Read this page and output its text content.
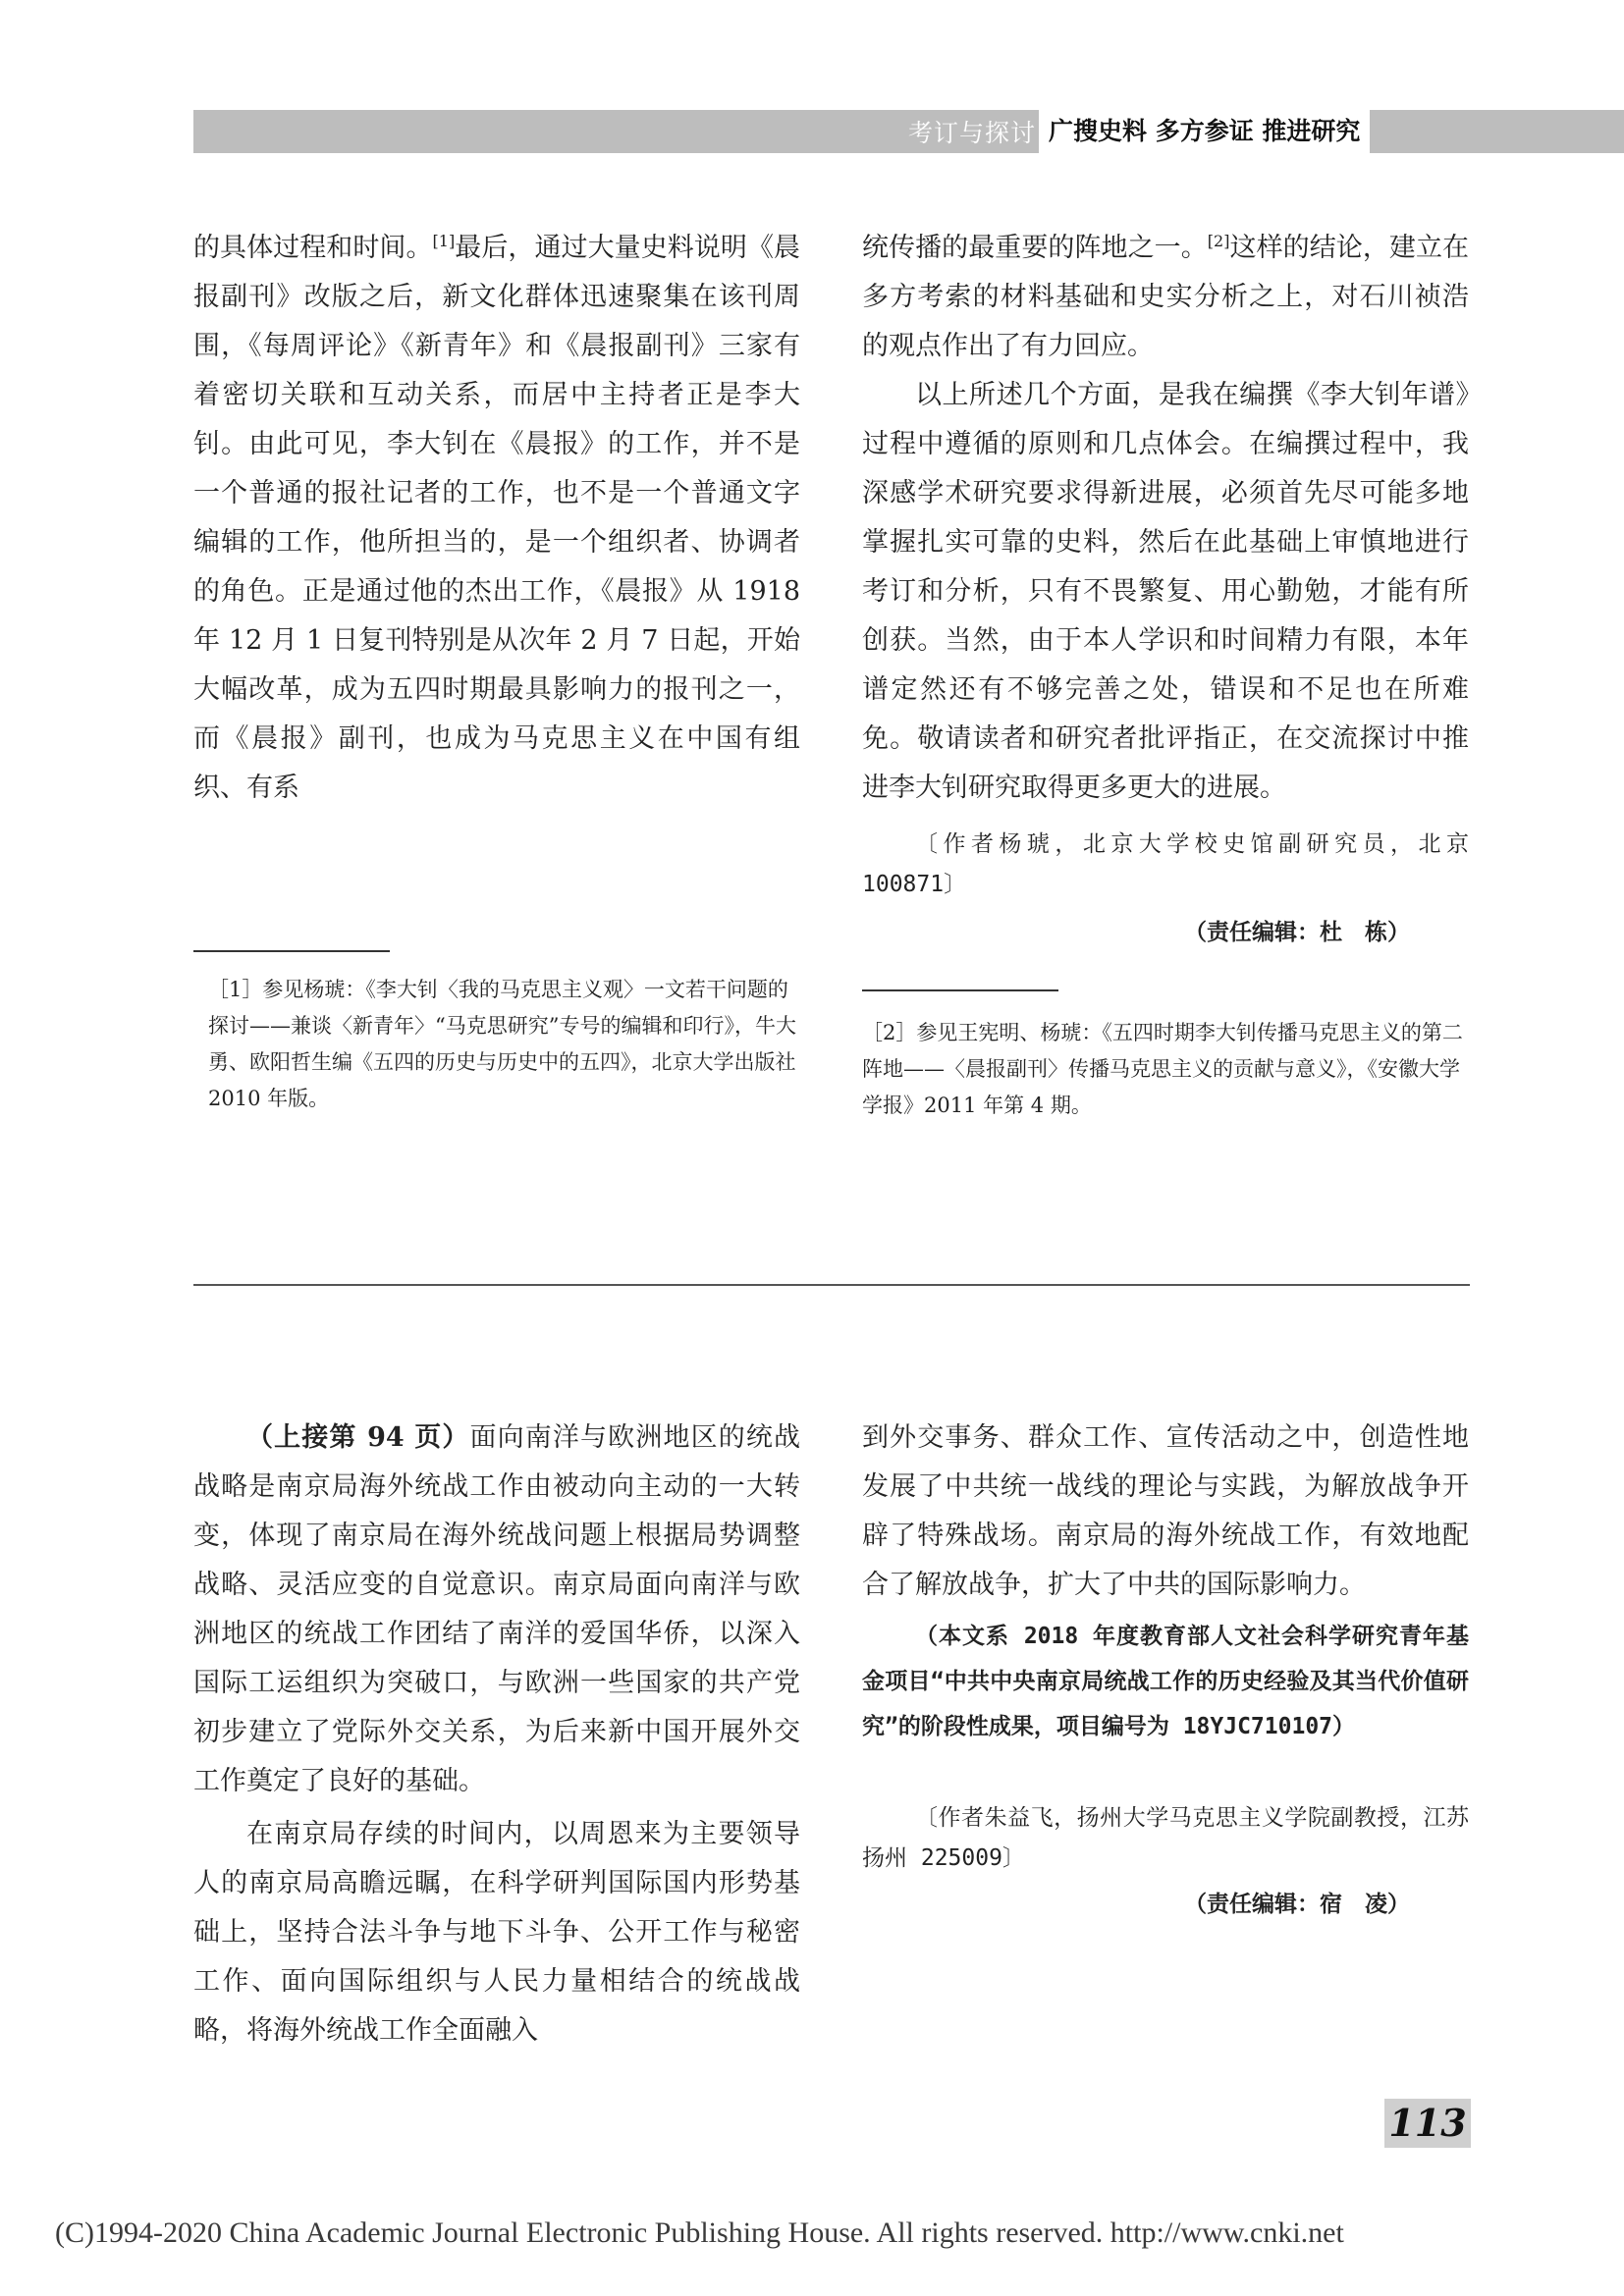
考订与探讨 广搜史料 多方参证 推进研究

的具体过程和时间。[1]最后，通过大量史料说明《晨报副刊》改版之后，新文化群体迅速聚集在该刊周围，《每周评论》《新青年》和《晨报副刊》三家有着密切关联和互动关系，而居中主持者正是李大钊。由此可见，李大钊在《晨报》的工作，并不是一个普通的报社记者的工作，也不是一个普通文字编辑的工作，他所担当的，是一个组织者、协调者的角色。正是通过他的杰出工作，《晨报》从 1918 年 12 月 1 日复刊特别是从次年 2 月 7 日起，开始大幅改革，成为五四时期最具影响力的报刊之一，而《晨报》副刊，也成为马克思主义在中国有组织、有系

统传播的最重要的阵地之一。[2]这样的结论，建立在多方考索的材料基础和史实分析之上，对石川祯浩的观点作出了有力回应。

以上所述几个方面，是我在编撰《李大钊年谱》过程中遵循的原则和几点体会。在编撰过程中，我深感学术研究要求得新进展，必须首先尽可能多地掌握扎实可靠的史料，然后在此基础上审慎地进行考订和分析，只有不畏繁复、用心勤勉，才能有所创获。当然，由于本人学识和时间精力有限，本年谱定然还有不够完善之处，错误和不足也在所难免。敬请读者和研究者批评指正，在交流探讨中推进李大钊研究取得更多更大的进展。

〔作者杨琥，北京大学校史馆副研究员，北京 100871〕

（责任编辑：杜　栋）

［1］参见杨琥：《李大钊〈我的马克思主义观〉一文若干问题的探讨——兼谈〈新青年〉“马克思研究”专号的编辑和印行》，牛大勇、欧阳哲生编《五四的历史与历史中的五四》，北京大学出版社 2010 年版。
［2］参见王宪明、杨琥：《五四时期李大钊传播马克思主义的第二阵地——〈晨报副刊〉传播马克思主义的贡献与意义》，《安徽大学学报》2011 年第 4 期。

（上接第 94 页）面向南洋与欧洲地区的统战战略是南京局海外统战工作由被动向主动的一大转变，体现了南京局在海外统战问题上根据局势调整战略、灵活应变的自觉意识。南京局面向南洋与欧洲地区的统战工作团结了南洋的爱国华侨，以深入国际工运组织为突破口，与欧洲一些国家的共产党初步建立了党际外交关系，为后来新中国开展外交工作奠定了良好的基础。

在南京局存续的时间内，以周恩来为主要领导人的南京局高瞻远瞩，在科学研判国际国内形势基础上，坚持合法斗争与地下斗争、公开工作与秘密工作、面向国际组织与人民力量相结合的统战战略，将海外统战工作全面融入

到外交事务、群众工作、宣传活动之中，创造性地发展了中共统一战线的理论与实践，为解放战争开辟了特殊战场。南京局的海外统战工作，有效地配合了解放战争，扩大了中共的国际影响力。

（本文系 2018 年度教育部人文社会科学研究青年基金项目“中共中央南京局统战工作的历史经验及其当代价值研究”的阶段性成果，项目编号为 18YJC710107）

〔作者朱益飞，扬州大学马克思主义学院副教授，江苏扬州 225009〕

（责任编辑：宿　凌）

113
(C)1994-2020 China Academic Journal Electronic Publishing House. All rights reserved. http://www.cnki.net
